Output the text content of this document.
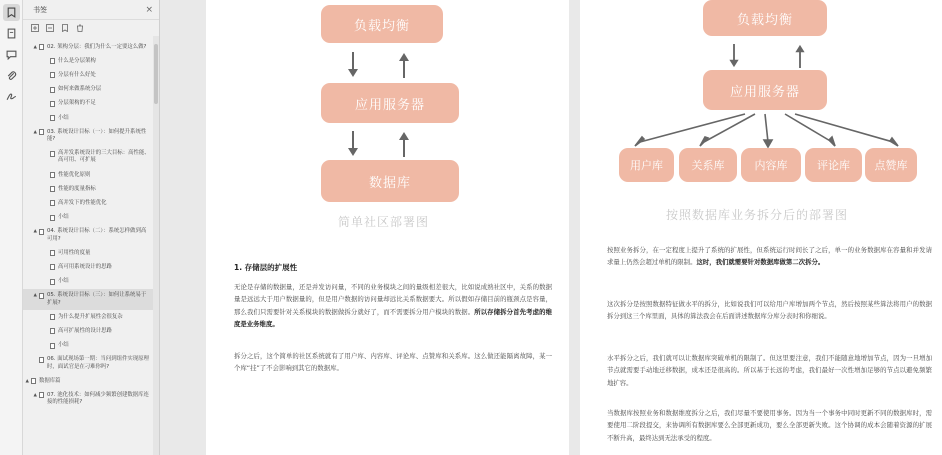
书签	×
▲	02. 架构分层：我们为什么一定要这么做?
什么是分层架构
分层有什么好处
如何来做系统分层
分层架构的不足
小结
▲	03. 系统设计目标（一）：如何提升系统性能?
高并发系统设计的三大目标：高性能、高可用、可扩展
性能优化原则
性能的度量指标
高并发下的性能优化
小结
▲	04. 系统设计目标（二）：系统怎样做到高可用?
可用性的度量
高可用系统设计的思路
小结
▲	05. 系统设计目标（三）：如何让系统易于扩展?
为什么提升扩展性会很复杂
高可扩展性的设计思路
小结
06. 面试现场第一期：当问到组件实现原理时，面试官是在刁难你吗?
▲	数据库篇
▲	07. 池化技术：如何减少频繁创建数据库连接的性能损耗?
负载均衡
应用服务器
数据库
简单社区部署图
1. 存储层的扩展性
无论是存储的数据量，还是并发访问量，不同的业务模块之间的量级相差很大，比如说成熟社区中，关系的数据量是远远大于用户数据量的，但是用户数据的访问量却远比关系数据要大。所以假如存储目前的瓶颈点是容量，那么我们只需要针对关系模块的数据做拆分就好了，而不需要拆分用户模块的数据。所以存储拆分首先考虑的维度是业务维度。
拆分之后，这个简单的社区系统就有了用户库、内容库、评论库、点赞库和关系库。这么做还能隔离故障，某一个库“挂”了不会影响到其它的数据库。
负载均衡
应用服务器
用户库	关系库	内容库	评论库	点赞库
按照数据库业务拆分后的部署图
按照业务拆分，在一定程度上提升了系统的扩展性，但系统运行时间长了之后，单一的业务数据库在容量和并发请求量上仍然会超过单机的限制。这时，我们就需要针对数据库做第二次拆分。
这次拆分是按照数据特征做水平的拆分，比如说我们可以给用户库增加两个节点，然后按照某些算法将用户的数据拆分到这三个库里面，具体的算法我会在后面讲述数据库分库分表时和你细说。
水平拆分之后，我们就可以让数据库突破单机的限制了。但这里要注意，我们不能随意地增加节点，因为一旦增加节点就需要手动地迁移数据，成本还是很高的。所以基于长远的考虑，我们最好一次性增加足够的节点以避免频繁地扩容。
当数据库按照业务和数据维度拆分之后，我们尽量不要使用事务。因为当一个事务中同时更新不同的数据库时，需要使用二阶段提交，来协调所有数据库要么全部更新成功，要么全部更新失败。这个协调的成本会随着资源的扩展不断升高，最终达到无法承受的程度。
